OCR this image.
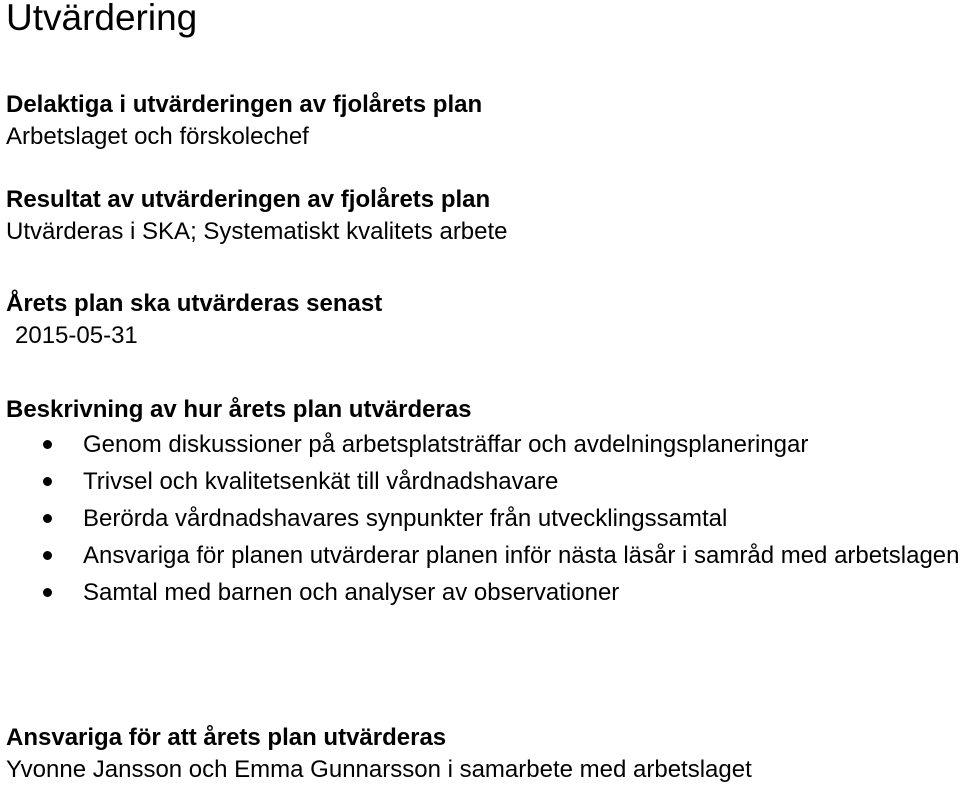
Utvärdering

Delaktiga i utvärderingen av fjolårets plan

Arbetslaget och förskolechef

Resultat av utvärderingen av fjolårets plan

Utvärderas i SKA; Systematiskt kvalitets arbete

Årets plan ska utvärderas senast

2015-05-31

Beskrivning av hur årets plan utvärderas

Genom diskussioner på arbetsplatsträffar och avdelningsplaneringar
Trivsel och kvalitetsenkät till vårdnadshavare
Berörda vårdnadshavares synpunkter från utvecklingssamtal
Ansvariga för planen utvärderar planen inför nästa läsår i samråd med arbetslagen
Samtal med barnen och analyser av observationer

Ansvariga för att årets plan utvärderas

Yvonne Jansson och Emma Gunnarsson i samarbete med arbetslaget
